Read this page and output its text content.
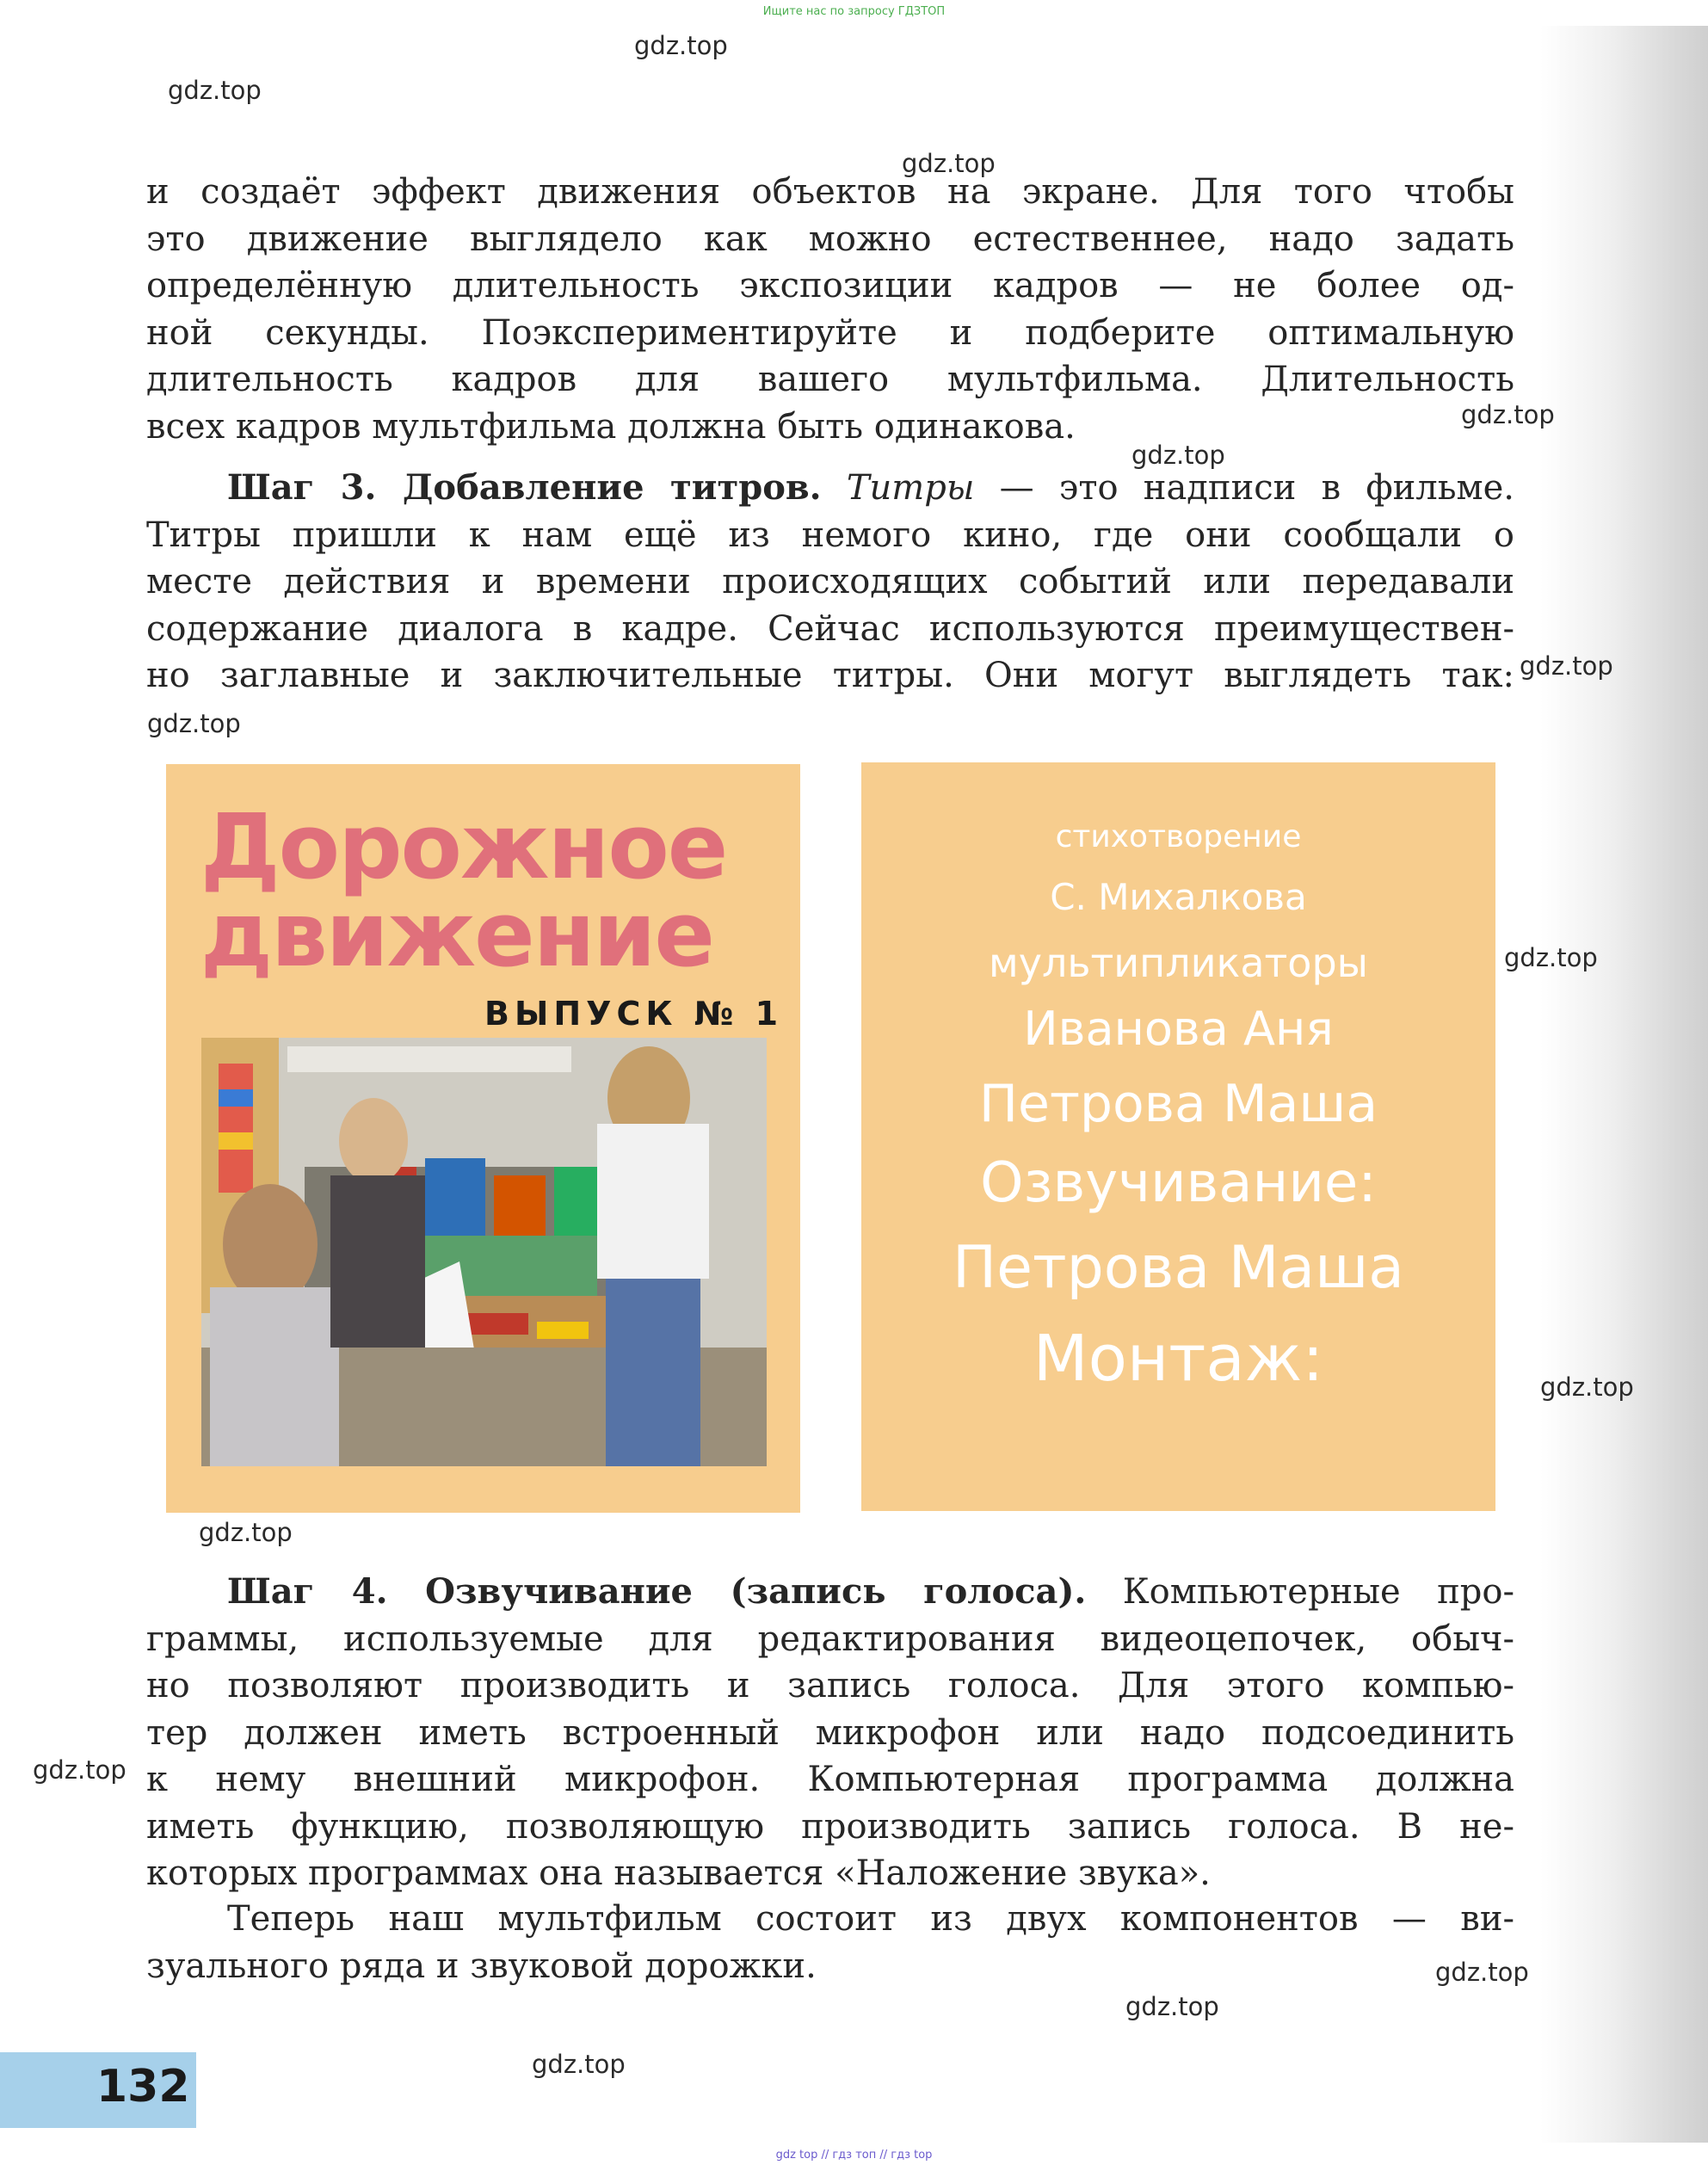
Ищите нас по запросу ГДЗТОП
gdz.top
gdz.top
gdz.top
gdz.top
gdz.top
gdz.top
gdz.top
gdz.top
gdz.top
gdz.top
gdz.top
gdz.top
gdz.top
gdz.top
и создаёт эффект движения объектов на экране. Для того чтобы
это движение выглядело как можно естественнее, надо задать
определённую длительность экспозиции кадров — не более од-
ной секунды. Поэкспериментируйте и подберите оптимальную
длительность кадров для вашего мультфильма. Длительность
всех кадров мультфильма должна быть одинакова.
Шаг 3. Добавление титров. Титры — это надписи в фильме.
Титры пришли к нам ещё из немого кино, где они сообщали о
месте действия и времени происходящих событий или передавали
содержание диалога в кадре. Сейчас используются преимуществен-
но заглавные и заключительные титры. Они могут выглядеть так:
Дорожное
движение
ВЫПУСК № 1
стихотворение
С. Михалкова
мультипликаторы
Иванова Аня
Петрова Маша
Озвучивание:
Петрова Маша
Монтаж:
Шаг 4. Озвучивание (запись голоса). Компьютерные про-
граммы, используемые для редактирования видеоцепочек, обыч-
но позволяют производить и запись голоса. Для этого компью-
тер должен иметь встроенный микрофон или надо подсоединить
к нему внешний микрофон. Компьютерная программа должна
иметь функцию, позволяющую производить запись голоса. В не-
которых программах она называется «Наложение звука».
Теперь наш мультфильм состоит из двух компонентов — ви-
зуального ряда и звуковой дорожки.
132
gdz top // гдз топ // гдз top
